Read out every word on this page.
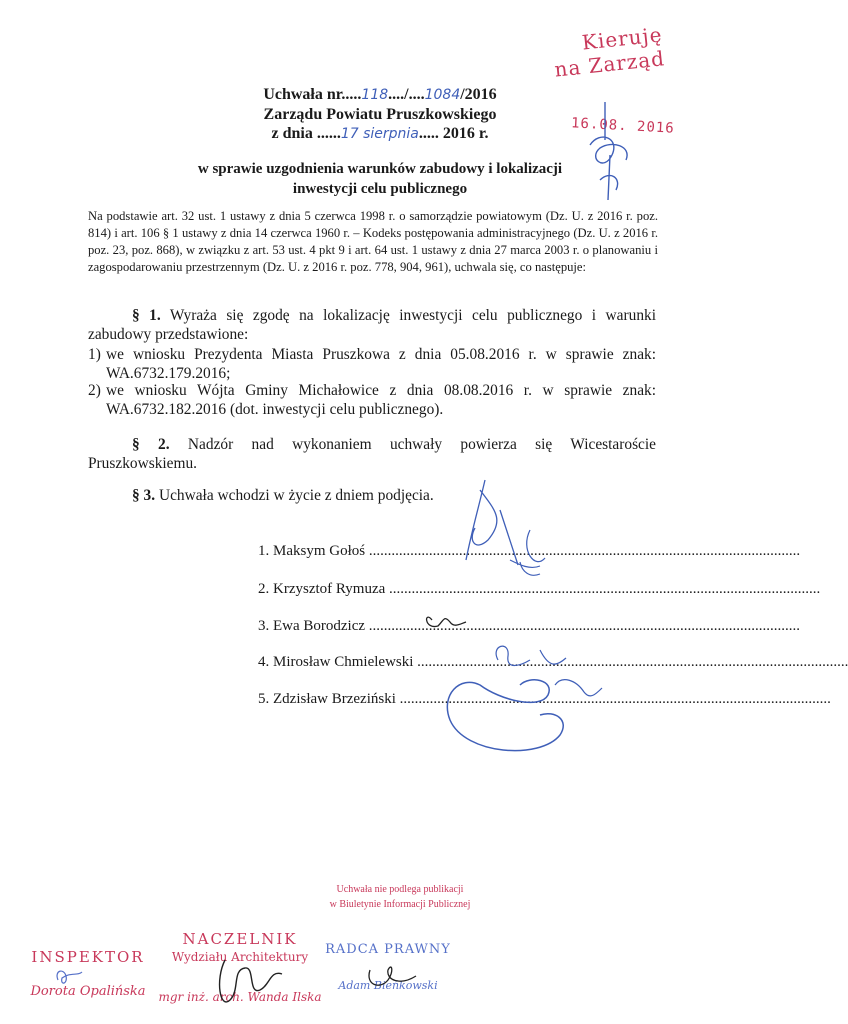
Kieruję
na Zarząd
Uchwała nr.....118..../....1084/2016
Zarządu Powiatu Pruszkowskiego
z dnia ......17 sierpnia..... 2016 r.	16.08. 2016
w sprawie uzgodnienia warunków zabudowy i lokalizacji
inwestycji celu publicznego
Na podstawie art. 32 ust. 1 ustawy z dnia 5 czerwca 1998 r. o samorządzie powiatowym (Dz. U. z 2016 r. poz. 814) i art. 106 § 1 ustawy z dnia 14 czerwca 1960 r. – Kodeks postępowania administracyjnego (Dz. U. z 2016 r. poz. 23, poz. 868), w związku z art. 53 ust. 4 pkt 9 i art. 64 ust. 1 ustawy z dnia 27 marca 2003 r. o planowaniu i zagospodarowaniu przestrzennym (Dz. U. z 2016 r. poz. 778, 904, 961), uchwala się, co następuje:
§ 1. Wyraża się zgodę na lokalizację inwestycji celu publicznego i warunki zabudowy przedstawione:
1) we wniosku Prezydenta Miasta Pruszkowa z dnia 05.08.2016 r. w sprawie znak: WA.6732.179.2016;
2) we wniosku Wójta Gminy Michałowice z dnia 08.08.2016 r. w sprawie znak: WA.6732.182.2016 (dot. inwestycji celu publicznego).
§ 2. Nadzór nad wykonaniem uchwały powierza się Wicestaroście Pruszkowskiemu.
§ 3. Uchwała wchodzi w życie z dniem podjęcia.
1. Maksym Gołoś ...................................................................................................................
2. Krzysztof Rymuza ...................................................................................................................
3. Ewa Borodzicz ...................................................................................................................
4. Mirosław Chmielewski ...................................................................................................................
5. Zdzisław Brzeziński ...................................................................................................................
Uchwała nie podlega publikacji
w Biuletynie Informacji Publicznej
INSPEKTOR
Dorota Opalińska
NACZELNIK
Wydziału Architektury
mgr inż. arch. Wanda Ilska
RADCA PRAWNY
Adam Bieńkowski
